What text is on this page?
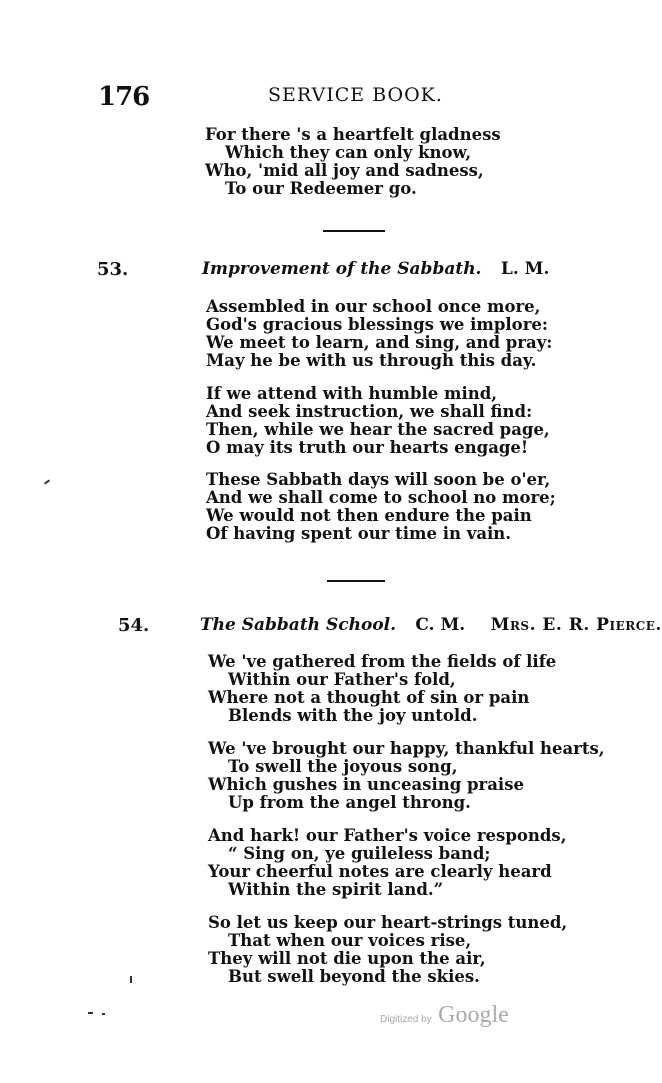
176	SERVICE BOOK.
For there 's a heartfelt gladness
Which they can only know,
Who, 'mid all joy and sadness,
To our Redeemer go.
53.	Improvement of the Sabbath. L. M.
Assembled in our school once more,
God's gracious blessings we implore:
We meet to learn, and sing, and pray:
May he be with us through this day.
If we attend with humble mind,
And seek instruction, we shall find:
Then, while we hear the sacred page,
O may its truth our hearts engage!
These Sabbath days will soon be o'er,
And we shall come to school no more;
We would not then endure the pain
Of having spent our time in vain.
54.	The Sabbath School. C. M. Mrs. E. R. Pierce.
We 've gathered from the fields of life
Within our Father's fold,
Where not a thought of sin or pain
Blends with the joy untold.
We 've brought our happy, thankful hearts,
To swell the joyous song,
Which gushes in unceasing praise
Up from the angel throng.
And hark! our Father's voice responds,
“ Sing on, ye guileless band;
Your cheerful notes are clearly heard
Within the spirit land.”
So let us keep our heart-strings tuned,
That when our voices rise,
They will not die upon the air,
But swell beyond the skies.
Digitized by Google
